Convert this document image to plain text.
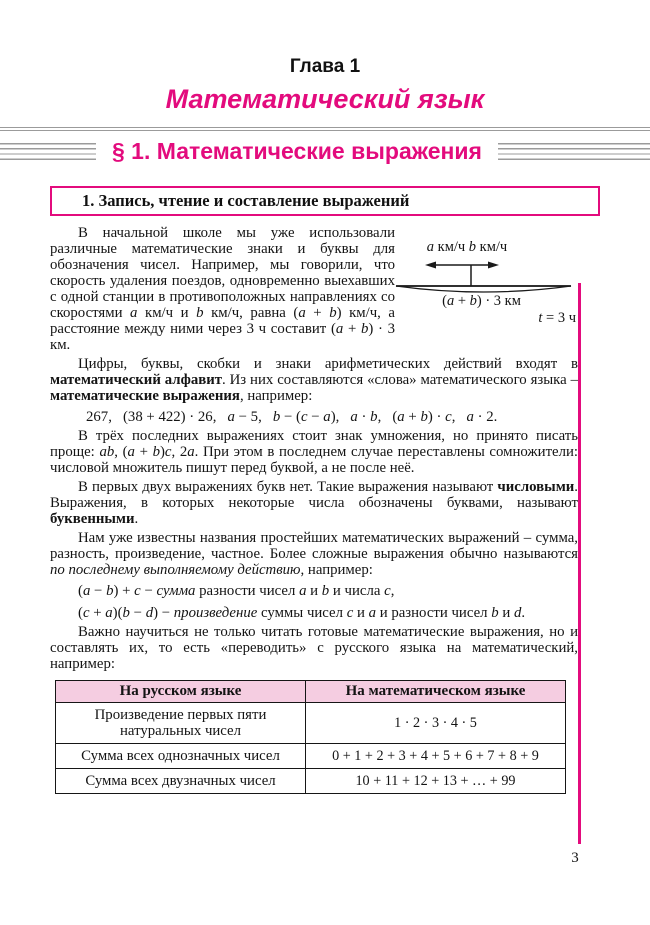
Глава 1
Математический язык
§ 1. Математические выражения
1. Запись, чтение и составление выражений
В начальной школе мы уже использовали различные математические знаки и буквы для обозначения чисел. Например, мы говорили, что скорость удаления поездов, одновременно выехавших с одной станции в противоположных направлениях со скоростями a км/ч и b км/ч, равна (a + b) км/ч, а расстояние между ними через 3 ч составит (a + b) · 3 км.
a км/ч b км/ч
(a + b) · 3 км
t = 3 ч

Цифры, буквы, скобки и знаки арифметических действий входят в математический алфавит. Из них составляются «слова» математического языка – математические выражения, например:

267,   (38 + 422) · 26,   a − 5,   b − (c − a),   a · b,   (a + b) · c,   a · 2.

В трёх последних выражениях стоит знак умножения, но принято писать проще: ab, (a + b)c, 2a. При этом в последнем случае переставлены сомножители: числовой множитель пишут перед буквой, а не после неё.

В первых двух выражениях букв нет. Такие выражения называют числовыми. Выражения, в которых некоторые числа обозначены буквами, называют буквенными.

Нам уже известны названия простейших математических выражений – сумма, разность, произведение, частное. Более сложные выражения обычно называются по последнему выполняемому действию, например:

(a − b) + c − сумма разности чисел a и b и числа c,

(c + a)(b − d) − произведение суммы чисел c и a и разности чисел b и d.

Важно научиться не только читать готовые математические выражения, но и составлять их, то есть «переводить» с русского языка на математический, например:

На русском языке	На математическом языке
Произведение первых пяти натуральных чисел	1 · 2 · 3 · 4 · 5
Сумма всех однозначных чисел	0 + 1 + 2 + 3 + 4 + 5 + 6 + 7 + 8 + 9
Сумма всех двузначных чисел	10 + 11 + 12 + 13 + … + 99
3
